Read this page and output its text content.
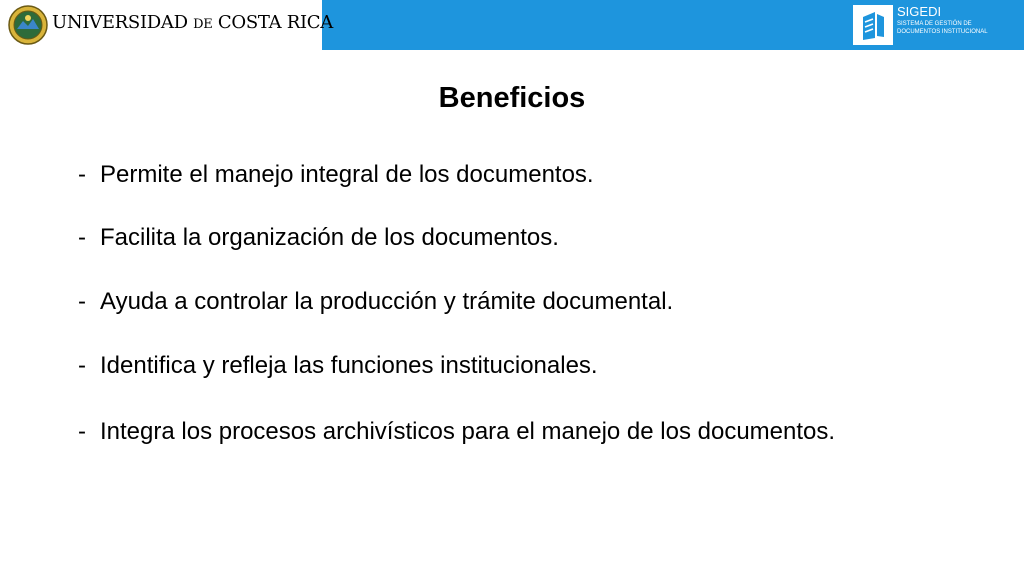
UNIVERSIDAD DE COSTA RICA
SIGEDI
SISTEMA DE GESTIÓN DE
DOCUMENTOS INSTITUCIONAL
Beneficios
- Permite el manejo integral de los documentos.
- Facilita la organización de los documentos.
- Ayuda a controlar la producción y trámite documental.
- Identifica y refleja las funciones institucionales.
- Integra los procesos archivísticos para el manejo de los documentos.
